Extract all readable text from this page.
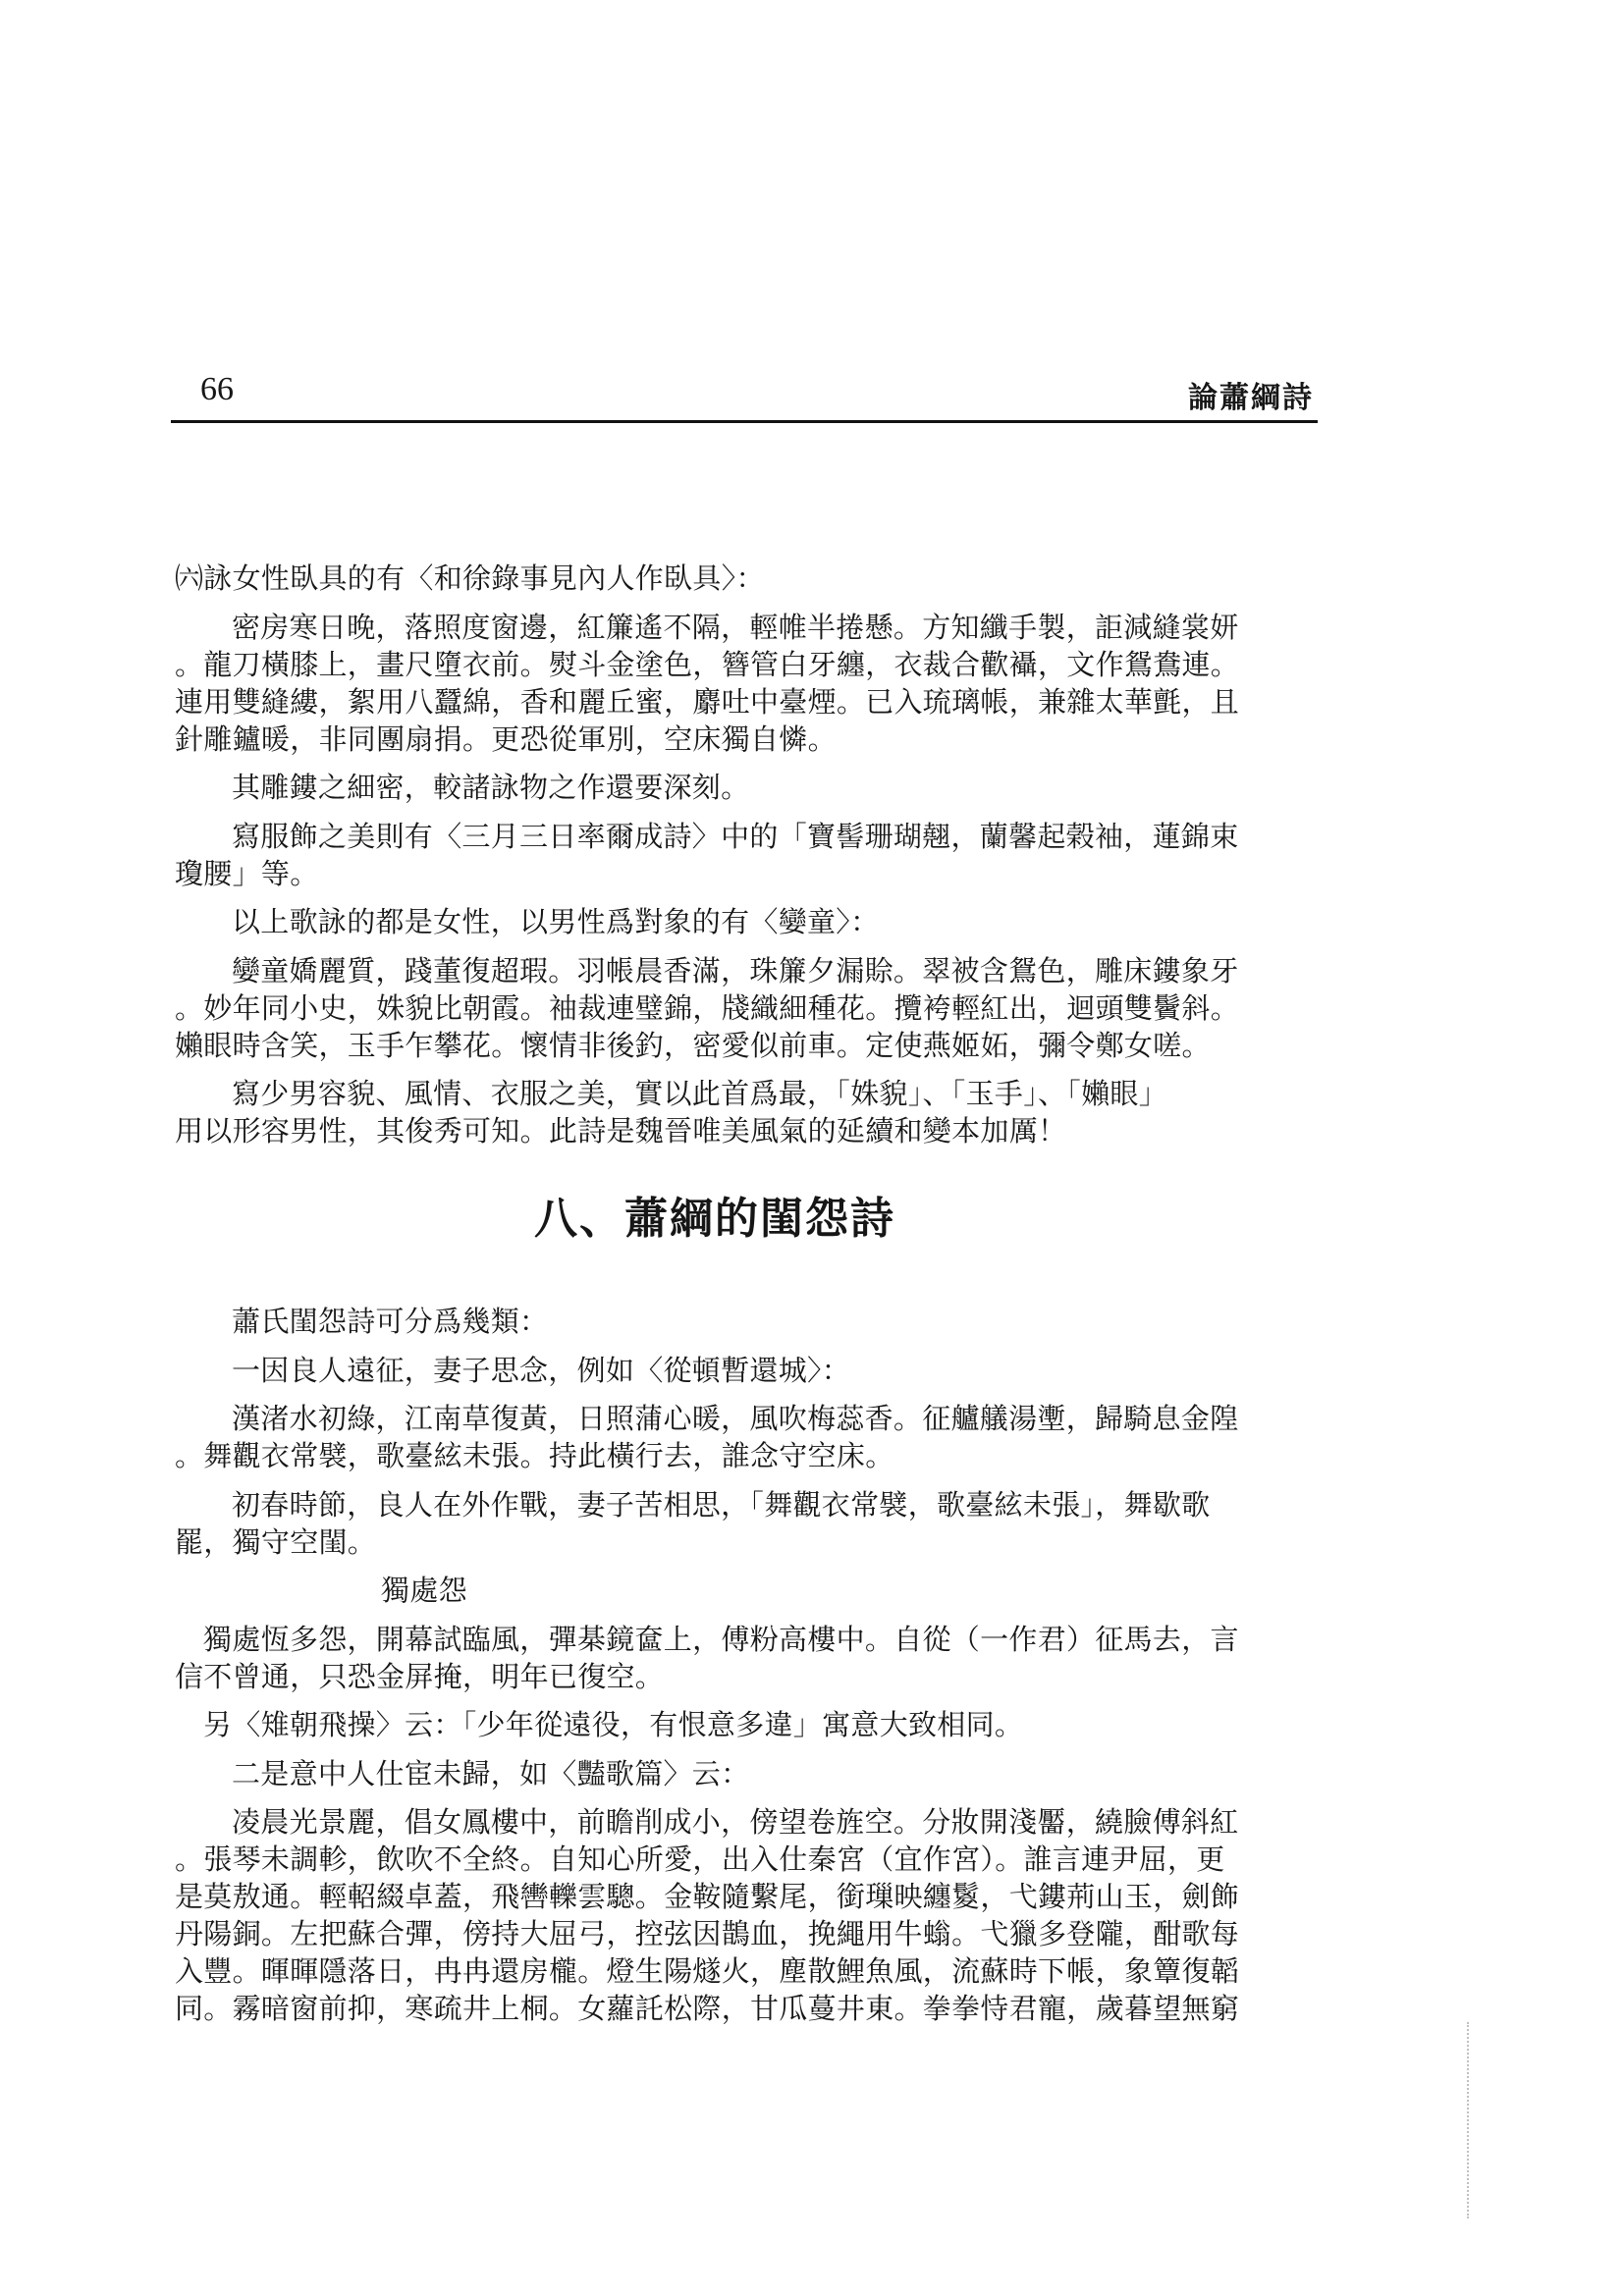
66	論蕭綱詩

㈥詠女性臥具的有〈和徐錄事見內人作臥具〉：

密房寒日晚，落照度窗邊，紅簾遙不隔，輕帷半捲懸。方知纖手製，詎減縫裳妍

。龍刀橫膝上，畫尺墮衣前。熨斗金塗色，簪管白牙纏，衣裁合歡襵，文作鴛鴦連。

連用雙縫縷，絮用八蠶綿，香和麗丘蜜，麝吐中臺煙。已入琉璃帳，兼雜太華氈，且

針雕鑪暖，非同團扇捐。更恐從軍別，空床獨自憐。

其雕鏤之細密，較諸詠物之作還要深刻。

寫服飾之美則有〈三月三日率爾成詩〉中的「寶髻珊瑚翹，蘭馨起榖袖，蓮錦束

瓊腰」等。

以上歌詠的都是女性，以男性爲對象的有〈孌童〉：

孌童嬌麗質，踐董復超瑕。羽帳晨香滿，珠簾夕漏賒。翠被含鴛色，雕床鏤象牙

。妙年同小史，姝貌比朝霞。袖裁連璧錦，牋織細種花。攬袴輕紅出，迴頭雙鬢斜。

嬾眼時含笑，玉手乍攀花。懷情非後釣，密愛似前車。定使燕姬妬，彌令鄭女嗟。

寫少男容貌、風情、衣服之美，實以此首爲最，「姝貌」、「玉手」、「嬾眼」

用以形容男性，其俊秀可知。此詩是魏晉唯美風氣的延續和變本加厲！

八、蕭綱的閨怨詩

蕭氏閨怨詩可分爲幾類：

一因良人遠征，妻子思念，例如〈從頓暫還城〉：

漢渚水初綠，江南草復黃，日照蒲心暖，風吹梅蕊香。征艫艤湯壍，歸騎息金隍

。舞觀衣常襞，歌臺絃未張。持此橫行去，誰念守空床。

初春時節，良人在外作戰，妻子苦相思，「舞觀衣常襞，歌臺絃未張」，舞歇歌

罷，獨守空閨。

獨處怨

獨處恆多怨，開幕試臨風，彈棊鏡奩上，傅粉高樓中。自從（一作君）征馬去，言

信不曾通，只恐金屏掩，明年已復空。

另〈雉朝飛操〉云：「少年從遠役，有恨意多違」寓意大致相同。

二是意中人仕宦未歸，如〈豔歌篇〉云：

凌晨光景麗，倡女鳳樓中，前瞻削成小，傍望卷旌空。分妝開淺靨，繞臉傅斜紅

。張琴未調軫，飲吹不全終。自知心所愛，出入仕秦宮（宜作宮）。誰言連尹屈，更

是莫敖通。輕軺綴卓蓋，飛轡轢雲驄。金鞍隨繫尾，銜璅映纏鬉，弋鏤荊山玉，劍飾

丹陽銅。左把蘇合彈，傍持大屈弓，控弦因鵲血，挽繩用牛螉。弋獵多登隴，酣歌每

入豐。暉暉隱落日，冉冉還房櫳。燈生陽燧火，塵散鯉魚風，流蘇時下帳，象簟復韜

同。霧暗窗前抑，寒疏井上桐。女蘿託松際，甘瓜蔓井東。拳拳恃君寵，歲暮望無窮
